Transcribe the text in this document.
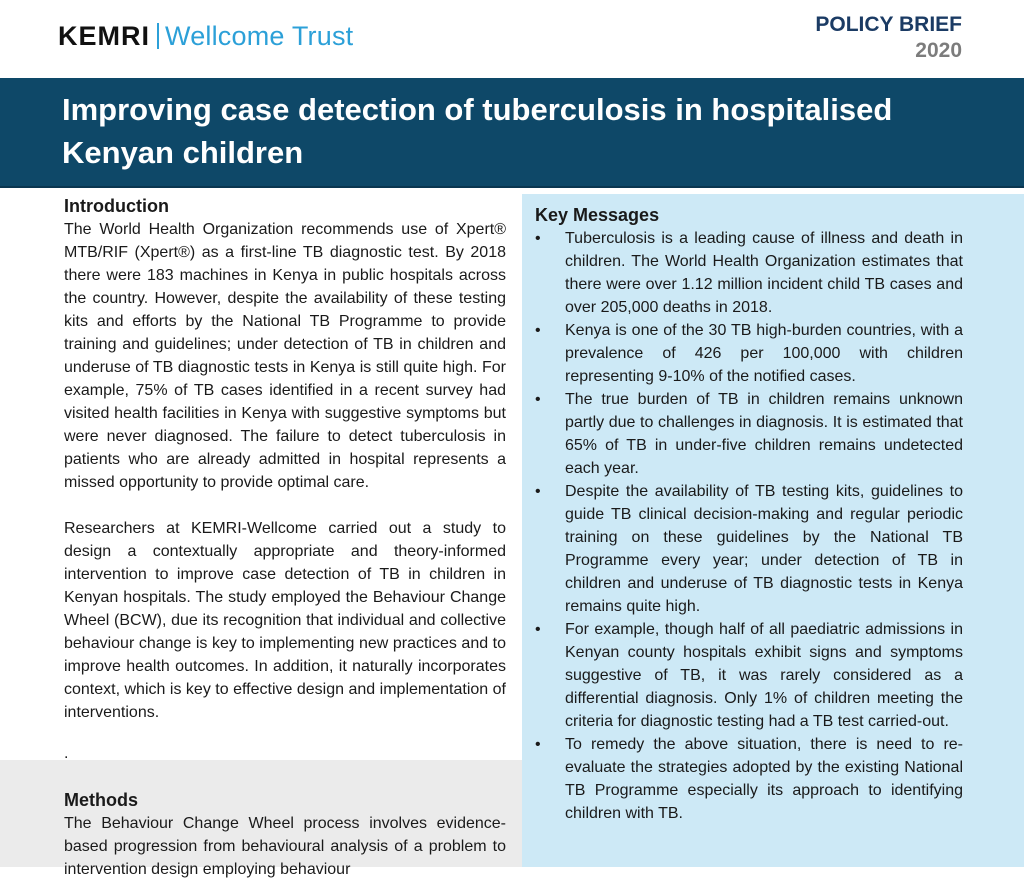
KEMRI Wellcome Trust	POLICY BRIEF
2020
Improving case detection of tuberculosis in hospitalised Kenyan children
Introduction

The World Health Organization recommends use of Xpert® MTB/RIF (Xpert®) as a first-line TB diagnostic test. By 2018 there were 183 machines in Kenya in public hospitals across the country. However, despite the availability of these testing kits and efforts by the National TB Programme to provide training and guidelines; under detection of TB in children and underuse of TB diagnostic tests in Kenya is still quite high. For example, 75% of TB cases identified in a recent survey had visited health facilities in Kenya with suggestive symptoms but were never diagnosed. The failure to detect tuberculosis in patients who are already admitted in hospital represents a missed opportunity to provide optimal care.

Researchers at KEMRI-Wellcome carried out a study to design a contextually appropriate and theory-informed intervention to improve case detection of TB in children in Kenyan hospitals. The study employed the Behaviour Change Wheel (BCW), due its recognition that individual and collective behaviour change is key to implementing new practices and to improve health outcomes. In addition, it naturally incorporates context, which is key to effective design and implementation of interventions.

.
Methods

The Behaviour Change Wheel process involves evidence-based progression from behavioural analysis of a problem to intervention design employing behaviour

Key Messages
• Tuberculosis is a leading cause of illness and death in children. The World Health Organization estimates that there were over 1.12 million incident child TB cases and over 205,000 deaths in 2018.
• Kenya is one of the 30 TB high-burden countries, with a prevalence of 426 per 100,000 with children representing 9-10% of the notified cases.
• The true burden of TB in children remains unknown partly due to challenges in diagnosis. It is estimated that 65% of TB in under-five children remains undetected each year.
• Despite the availability of TB testing kits, guidelines to guide TB clinical decision-making and regular periodic training on these guidelines by the National TB Programme every year; under detection of TB in children and underuse of TB diagnostic tests in Kenya remains quite high.
• For example, though half of all paediatric admissions in Kenyan county hospitals exhibit signs and symptoms suggestive of TB, it was rarely considered as a differential diagnosis. Only 1% of children meeting the criteria for diagnostic testing had a TB test carried-out.
• To remedy the above situation, there is need to re-evaluate the strategies adopted by the existing National TB Programme especially its approach to identifying children with TB.
